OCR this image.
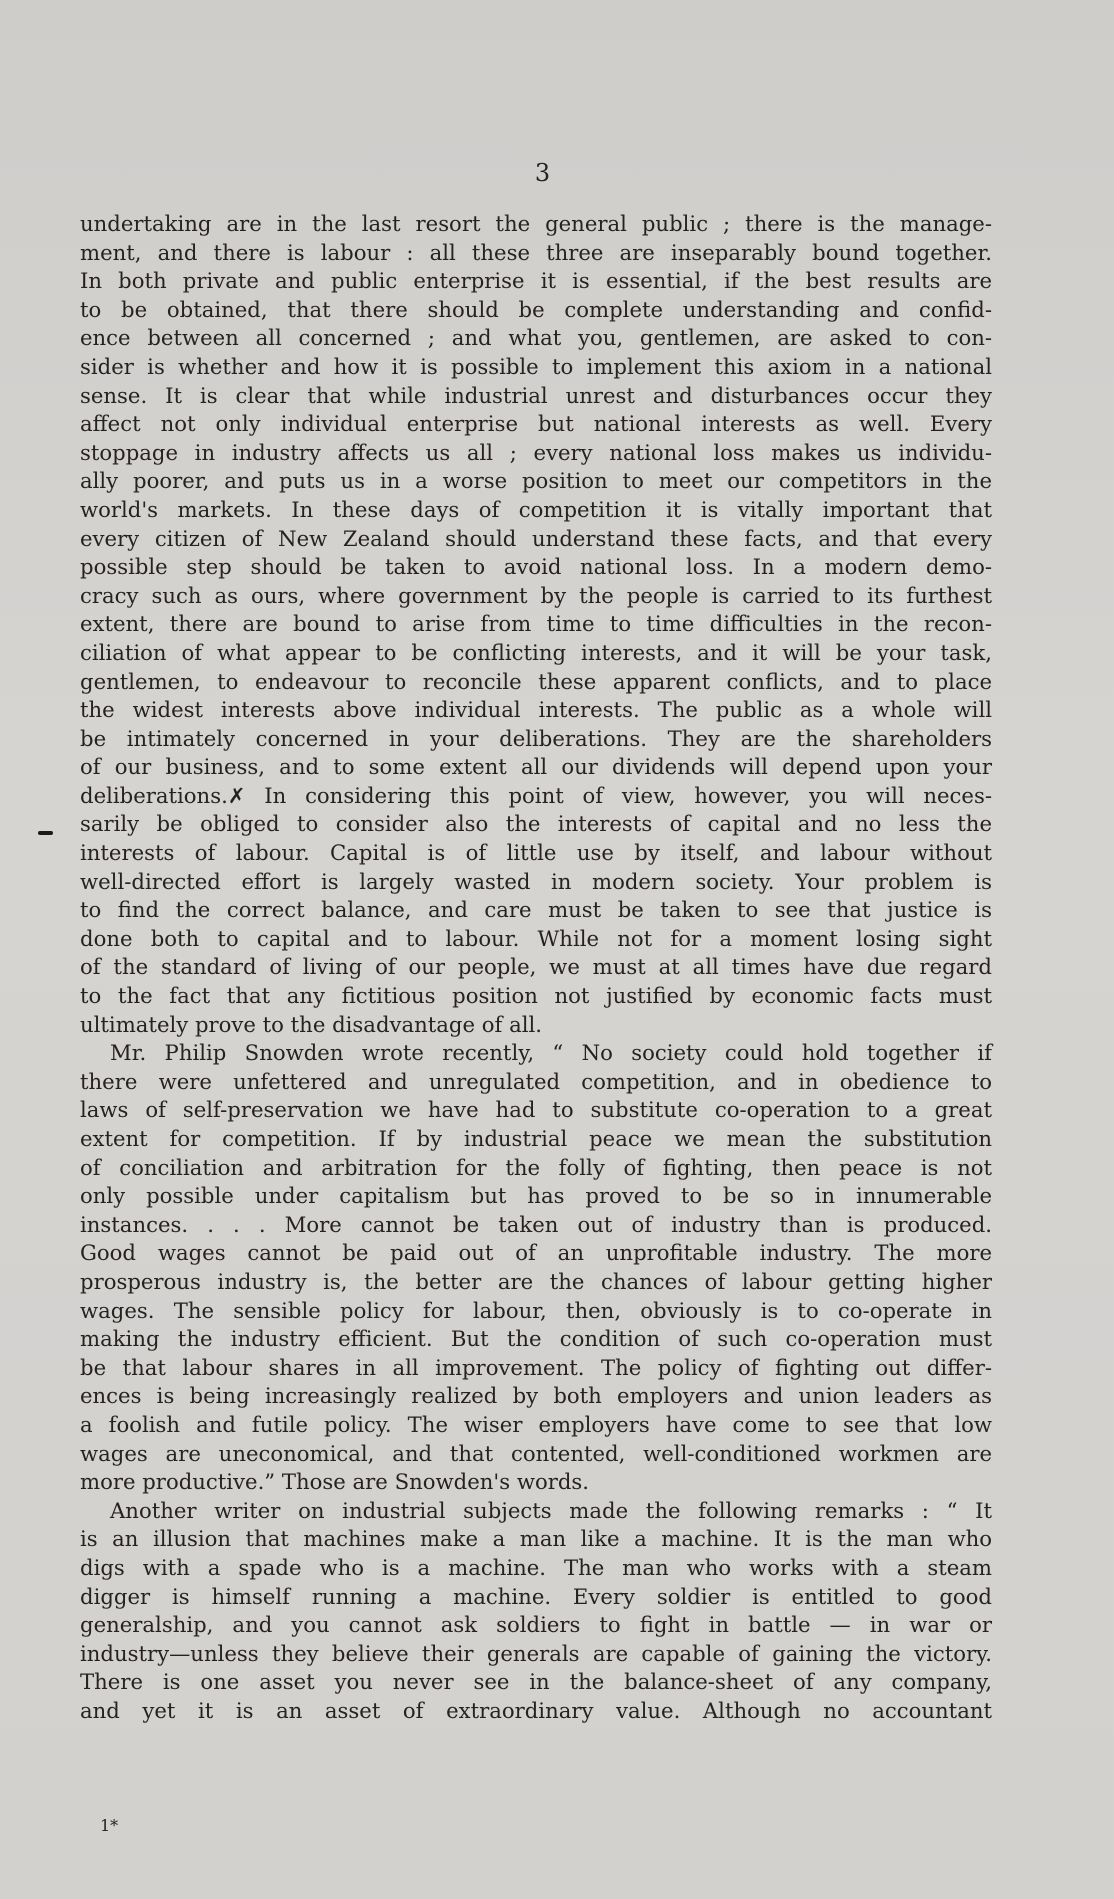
3
undertaking are in the last resort the general public ; there is the manage-
ment, and there is labour : all these three are inseparably bound together.
In both private and public enterprise it is essential, if the best results are
to be obtained, that there should be complete understanding and confid-
ence between all concerned ; and what you, gentlemen, are asked to con-
sider is whether and how it is possible to implement this axiom in a national
sense. It is clear that while industrial unrest and disturbances occur they
affect not only individual enterprise but national interests as well. Every
stoppage in industry affects us all ; every national loss makes us individu-
ally poorer, and puts us in a worse position to meet our competitors in the
world's markets. In these days of competition it is vitally important that
every citizen of New Zealand should understand these facts, and that every
possible step should be taken to avoid national loss. In a modern demo-
cracy such as ours, where government by the people is carried to its furthest
extent, there are bound to arise from time to time difficulties in the recon-
ciliation of what appear to be conflicting interests, and it will be your task,
gentlemen, to endeavour to reconcile these apparent conflicts, and to place
the widest interests above individual interests. The public as a whole will
be intimately concerned in your deliberations. They are the shareholders
of our business, and to some extent all our dividends will depend upon your
deliberations.✗ In considering this point of view, however, you will neces-
sarily be obliged to consider also the interests of capital and no less the
interests of labour. Capital is of little use by itself, and labour without
well-directed effort is largely wasted in modern society. Your problem is
to find the correct balance, and care must be taken to see that justice is
done both to capital and to labour. While not for a moment losing sight
of the standard of living of our people, we must at all times have due regard
to the fact that any fictitious position not justified by economic facts must
ultimately prove to the disadvantage of all.
Mr. Philip Snowden wrote recently, “ No society could hold together if
there were unfettered and unregulated competition, and in obedience to
laws of self-preservation we have had to substitute co-operation to a great
extent for competition. If by industrial peace we mean the substitution
of conciliation and arbitration for the folly of fighting, then peace is not
only possible under capitalism but has proved to be so in innumerable
instances. . . . More cannot be taken out of industry than is produced.
Good wages cannot be paid out of an unprofitable industry. The more
prosperous industry is, the better are the chances of labour getting higher
wages. The sensible policy for labour, then, obviously is to co-operate in
making the industry efficient. But the condition of such co-operation must
be that labour shares in all improvement. The policy of fighting out differ-
ences is being increasingly realized by both employers and union leaders as
a foolish and futile policy. The wiser employers have come to see that low
wages are uneconomical, and that contented, well-conditioned workmen are
more productive.” Those are Snowden's words.
Another writer on industrial subjects made the following remarks : “ It
is an illusion that machines make a man like a machine. It is the man who
digs with a spade who is a machine. The man who works with a steam
digger is himself running a machine. Every soldier is entitled to good
generalship, and you cannot ask soldiers to fight in battle — in war or
industry—unless they believe their generals are capable of gaining the victory.
There is one asset you never see in the balance-sheet of any company,
and yet it is an asset of extraordinary value. Although no accountant
1*
